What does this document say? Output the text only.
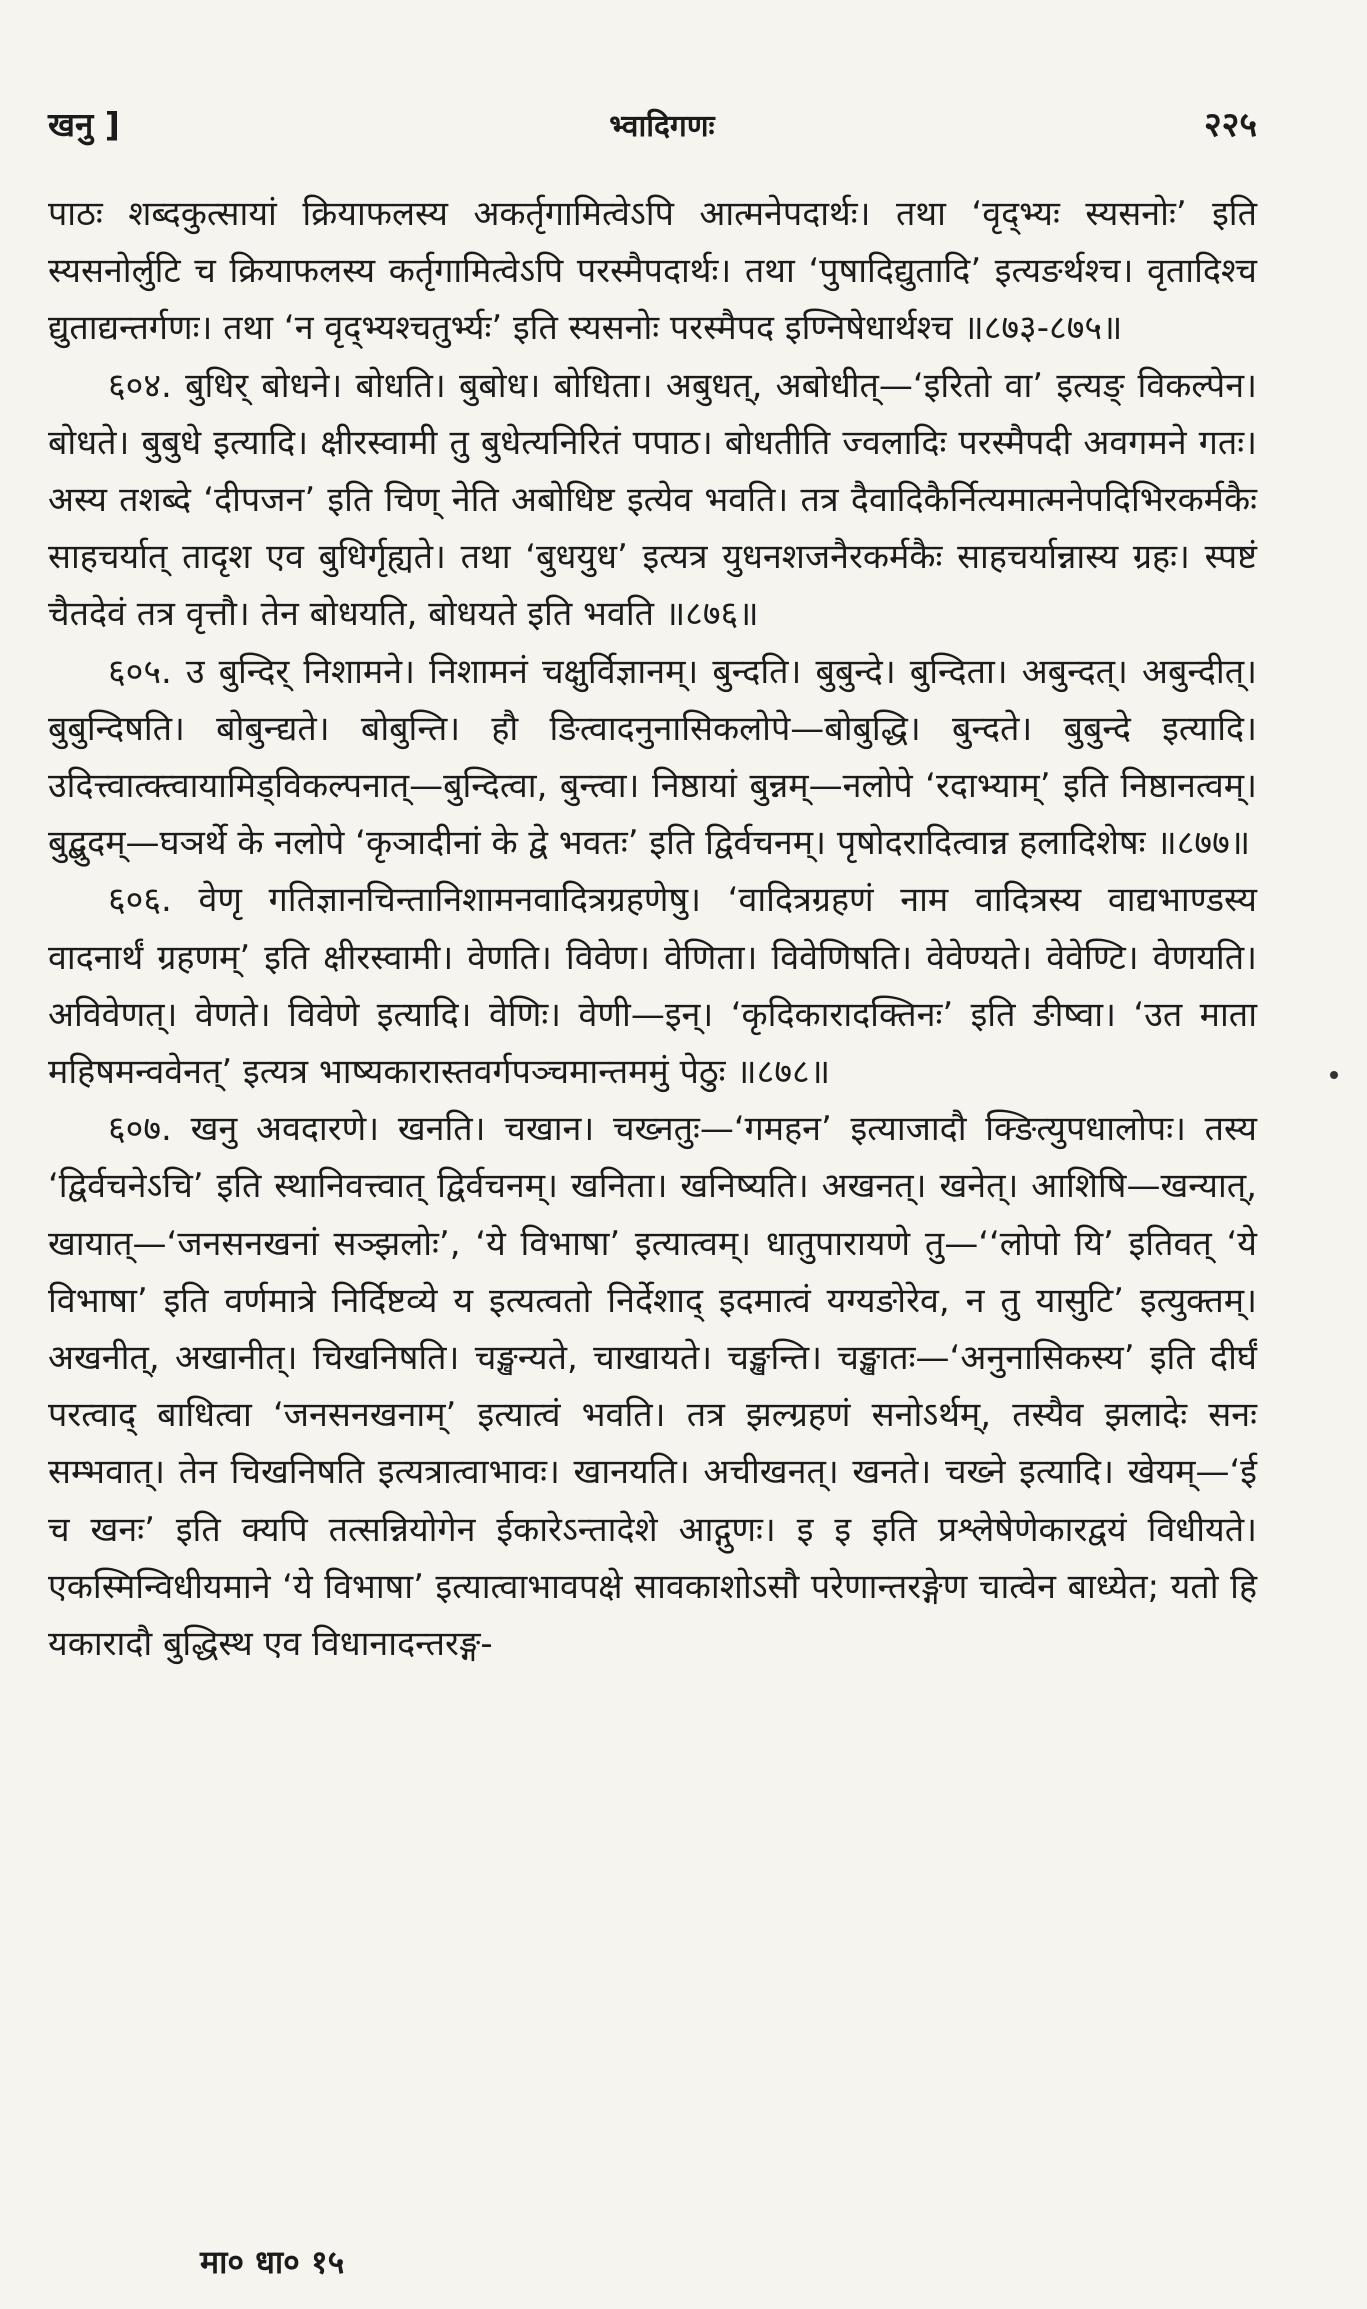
खनु ]	भ्वादिगणः	२२५

पाठः शब्दकुत्सायां क्रियाफलस्य अकर्तृगामित्वेऽपि आत्मनेपदार्थः। तथा ‘वृद्भ्यः स्यसनोः’ इति स्यसनोर्लुटि च क्रियाफलस्य कर्तृगामित्वेऽपि परस्मैपदार्थः। तथा ‘पुषादिद्युतादि’ इत्यङर्थश्च। वृतादिश्च द्युताद्यन्तर्गणः। तथा ‘न वृद्भ्यश्चतुर्भ्यः’ इति स्यसनोः परस्मैपद इण्निषेधार्थश्च ॥८७३-८७५॥

६०४. बुधिर् बोधने। बोधति। बुबोध। बोधिता। अबुधत्, अबोधीत्—‘इरितो वा’ इत्यङ् विकल्पेन। बोधते। बुबुधे इत्यादि। क्षीरस्वामी तु बुधेत्यनिरितं पपाठ। बोधतीति ज्वलादिः परस्मैपदी अवगमने गतः। अस्य तशब्दे ‘दीपजन’ इति चिण् नेति अबोधिष्ट इत्येव भवति। तत्र दैवादिकैर्नित्यमात्मनेपदिभिरकर्मकैः साहचर्यात् तादृश एव बुधिर्गृह्यते। तथा ‘बुधयुध’ इत्यत्र युधनशजनैरकर्मकैः साहचर्यान्नास्य ग्रहः। स्पष्टं चैतदेवं तत्र वृत्तौ। तेन बोधयति, बोधयते इति भवति ॥८७६॥

६०५. उ बुन्दिर् निशामने। निशामनं चक्षुर्विज्ञानम्। बुन्दति। बुबुन्दे। बुन्दिता। अबुन्दत्। अबुन्दीत्। बुबुन्दिषति। बोबुन्द्यते। बोबुन्ति। हौ ङित्वादनुनासिकलोपे—बोबुद्धि। बुन्दते। बुबुन्दे इत्यादि। उदित्त्वात्क्त्वायामिड्विकल्पनात्—बुन्दित्वा, बुन्त्वा। निष्ठायां बुन्नम्—नलोपे ‘रदाभ्याम्’ इति निष्ठानत्वम्। बुद्बुदम्—घञर्थे के नलोपे ‘कृञादीनां के द्वे भवतः’ इति द्विर्वचनम्। पृषोदरादित्वान्न हलादिशेषः ॥८७७॥

६०६. वेणृ गतिज्ञानचिन्तानिशामनवादित्रग्रहणेषु। ‘वादित्रग्रहणं नाम वादित्रस्य वाद्यभाण्डस्य वादनार्थं ग्रहणम्’ इति क्षीरस्वामी। वेणति। विवेण। वेणिता। विवेणिषति। वेवेण्यते। वेवेण्टि। वेणयति। अविवेणत्। वेणते। विवेणे इत्यादि। वेणिः। वेणी—इन्। ‘कृदिकारादक्तिनः’ इति ङीष्वा। ‘उत माता महिषमन्ववेनत्’ इत्यत्र भाष्यकारास्तवर्गपञ्चमान्तममुं पेठुः ॥८७८॥

६०७. खनु अवदारणे। खनति। चखान। चख्नतुः—‘गमहन’ इत्याजादौ क्ङित्युपधालोपः। तस्य ‘द्विर्वचनेऽचि’ इति स्थानिवत्त्वात् द्विर्वचनम्। खनिता। खनिष्यति। अखनत्। खनेत्। आशिषि—खन्यात्, खायात्—‘जनसनखनां सञ्झलोः’, ‘ये विभाषा’ इत्यात्वम्। धातुपारायणे तु—‘‘लोपो यि’ इतिवत् ‘ये विभाषा’ इति वर्णमात्रे निर्दिष्टव्ये य इत्यत्वतो निर्देशाद् इदमात्वं यग्यङोरेव, न तु यासुटि’ इत्युक्तम्। अखनीत्, अखानीत्। चिखनिषति। चङ्खन्यते, चाखायते। चङ्खन्ति। चङ्खातः—‘अनुनासिकस्य’ इति दीर्घं परत्वाद् बाधित्वा ‘जनसनखनाम्’ इत्यात्वं भवति। तत्र झल्ग्रहणं सनोऽर्थम्, तस्यैव झलादेः सनः सम्भवात्। तेन चिखनिषति इत्यत्रात्वाभावः। खानयति। अचीखनत्। खनते। चख्ने इत्यादि। खेयम्—‘ई च खनः’ इति क्यपि तत्सन्नियोगेन ईकारेऽन्तादेशे आद्गुणः। इ इ इति प्रश्लेषेणेकारद्वयं विधीयते। एकस्मिन्विधीयमाने ‘ये विभाषा’ इत्यात्वाभावपक्षे सावकाशोऽसौ परेणान्तरङ्गेण चात्वेन बाध्येत; यतो हि यकारादौ बुद्धिस्थ एव विधानादन्तरङ्ग-

मा० धा० १५
